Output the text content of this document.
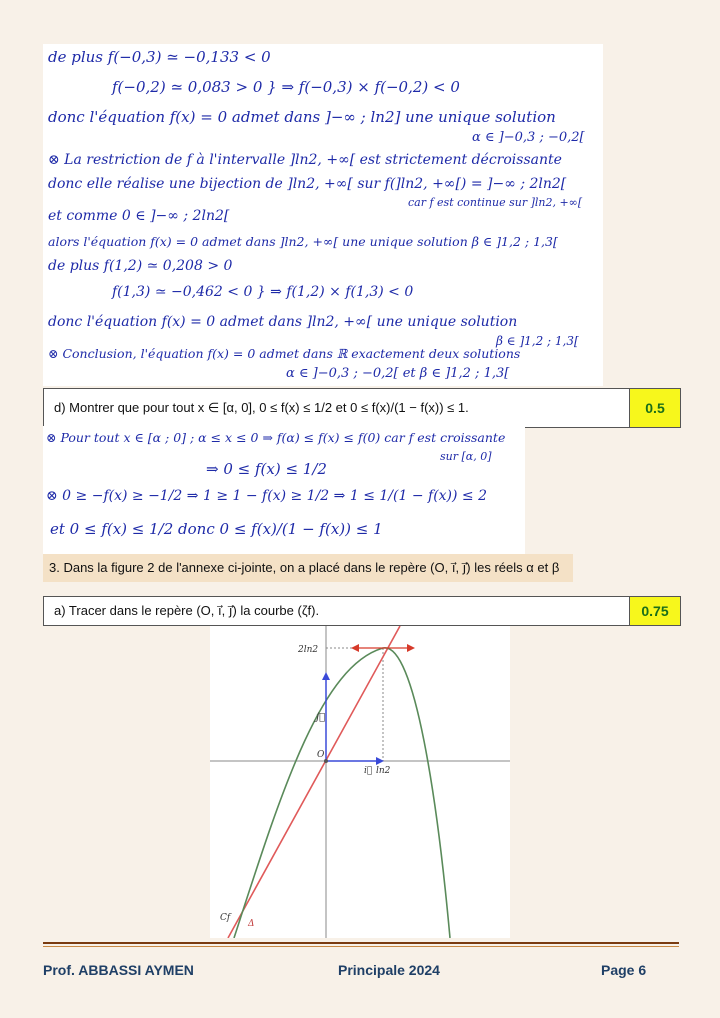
de plus f(−0,3) ≃ −0,133 < 0
f(−0,2) ≃ 0,083 > 0 } ⇒ f(−0,3) × f(−0,2) < 0
donc l'équation f(x) = 0 admet dans ]−∞ ; ln2] une unique solution
α ∈ ]−0,3 ; −0,2[
⊗ La restriction de f à l'intervalle ]ln2, +∞[ est strictement décroissante
donc elle réalise une bijection de ]ln2, +∞[ sur f(]ln2, +∞[) = ]−∞ ; 2ln2[
car f est continue sur ]ln2, +∞[
et comme 0 ∈ ]−∞ ; 2ln2[
alors l'équation f(x) = 0 admet dans ]ln2, +∞[ une unique solution β ∈ ]1,2 ; 1,3[
de plus f(1,2) ≃ 0,208 > 0
f(1,3) ≃ −0,462 < 0 } ⇒ f(1,2) × f(1,3) < 0
donc l'équation f(x) = 0 admet dans ]ln2, +∞[ une unique solution
β ∈ ]1,2 ; 1,3[
⊗ Conclusion, l'équation f(x) = 0 admet dans ℝ exactement deux solutions
α ∈ ]−0,3 ; −0,2[ et β ∈ ]1,2 ; 1,3[
d) Montrer que pour tout x ∈ [α, 0], 0 ≤ f(x) ≤ 1/2 et 0 ≤ f(x)/(1 − f(x)) ≤ 1.	0.5
⊗ Pour tout x ∈ [α ; 0] ; α ≤ x ≤ 0 ⇒ f(α) ≤ f(x) ≤ f(0) car f est croissante
sur [α, 0]
⇒ 0 ≤ f(x) ≤ 1/2
⊗ 0 ≥ −f(x) ≥ −1/2 ⇒ 1 ≥ 1 − f(x) ≥ 1/2 ⇒ 1 ≤ 1/(1 − f(x)) ≤ 2
et 0 ≤ f(x) ≤ 1/2 donc 0 ≤ f(x)/(1 − f(x)) ≤ 1
3. Dans la figure 2 de l'annexe ci-jointe, on a placé dans le repère (O, i⃗, j⃗) les réels α et β
a) Tracer dans le repère (O, i⃗, j⃗) la courbe (ζf).	0.75
2ln2
j⃗
O
i⃗ ln2
Cf
Δ
Prof. ABBASSI AYMEN	Principale 2024	Page 6
